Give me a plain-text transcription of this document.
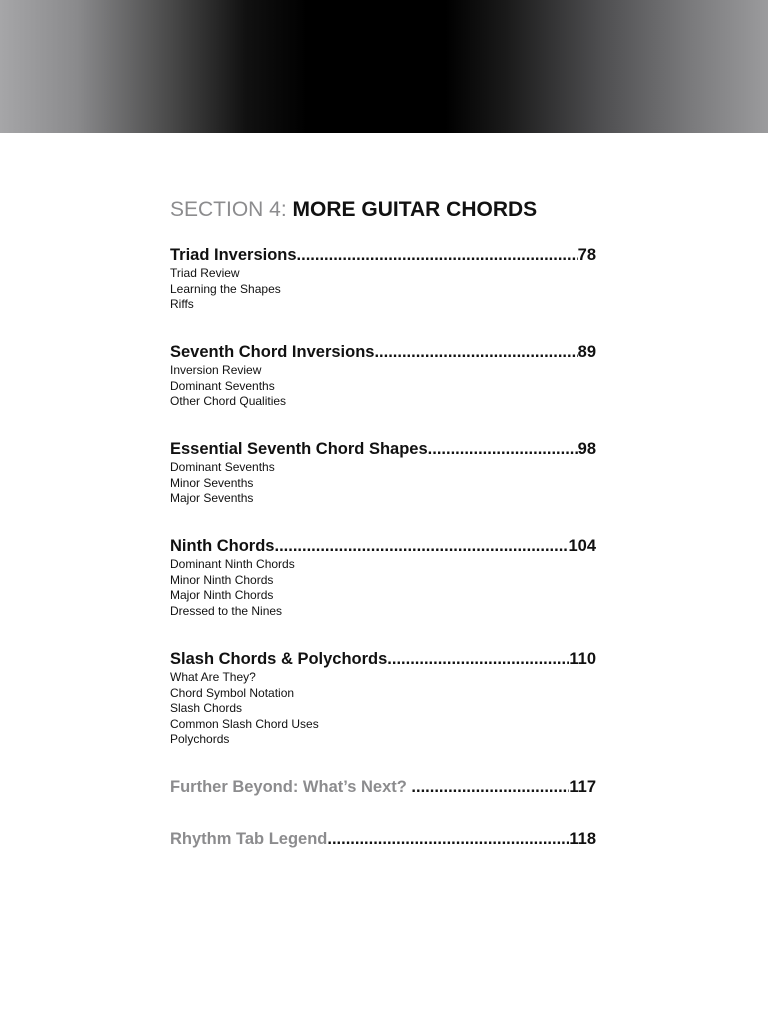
SECTION 4: MORE GUITAR CHORDS
Triad Inversions .....	78
Triad Review
Learning the Shapes
Riffs
Seventh Chord Inversions .....	89
Inversion Review
Dominant Sevenths
Other Chord Qualities
Essential Seventh Chord Shapes .....	98
Dominant Sevenths
Minor Sevenths
Major Sevenths
Ninth Chords .....	104
Dominant Ninth Chords
Minor Ninth Chords
Major Ninth Chords
Dressed to the Nines
Slash Chords & Polychords .....	110
What Are They?
Chord Symbol Notation
Slash Chords
Common Slash Chord Uses
Polychords
Further Beyond: What’s Next? .....	117
Rhythm Tab Legend .....	118
